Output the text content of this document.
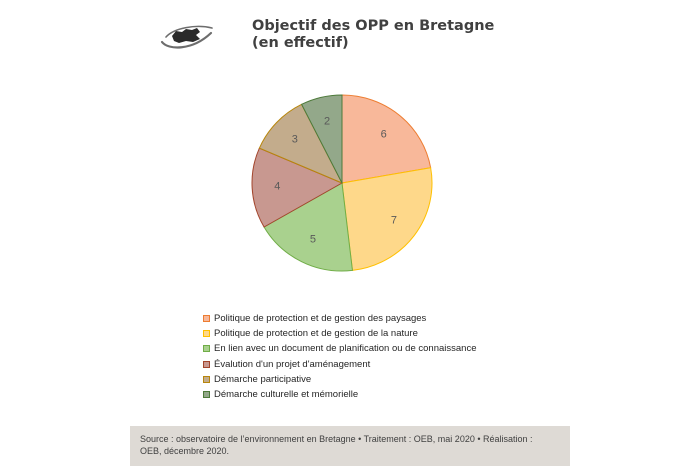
Objectif des OPP en Bretagne
(en effectif)
6
7
5
4
3
2
Politique de protection et de gestion des paysages
Politique de protection et de gestion de la nature
En lien avec un document de planification ou de connaissance
Évalution d'un projet d'aménagement
Démarche participative
Démarche culturelle et mémorielle
Source : observatoire de l’environnement en Bretagne • Traitement : OEB, mai 2020 • Réalisation :
OEB, décembre 2020.
